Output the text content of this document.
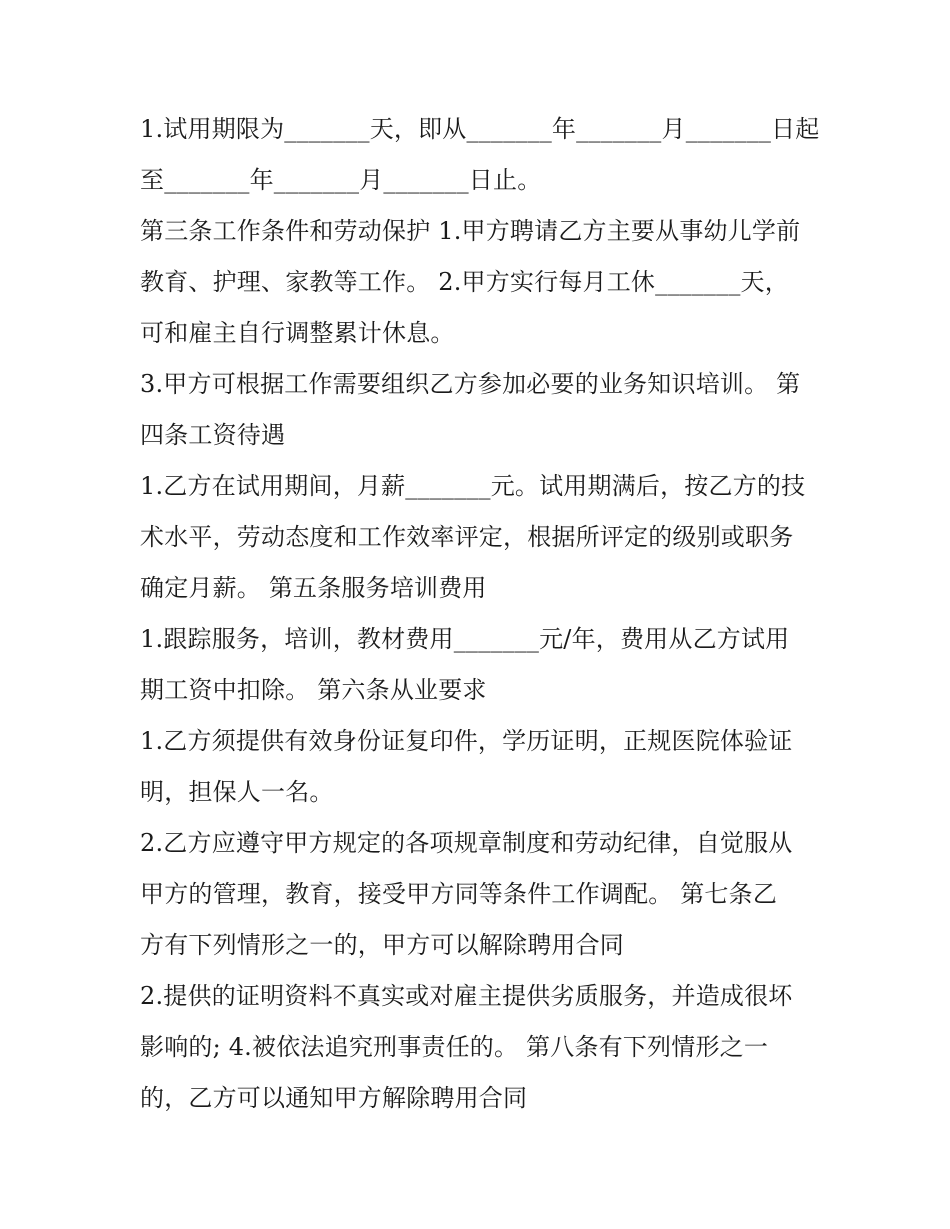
1.试用期限为_______天，即从_______年_______月_______日起
至_______年_______月_______日止。
第三条工作条件和劳动保护 1.甲方聘请乙方主要从事幼儿学前
教育、护理、家教等工作。 2.甲方实行每月工休_______天，
可和雇主自行调整累计休息。
3.甲方可根据工作需要组织乙方参加必要的业务知识培训。 第
四条工资待遇
1.乙方在试用期间，月薪_______元。试用期满后，按乙方的技
术水平，劳动态度和工作效率评定，根据所评定的级别或职务
确定月薪。 第五条服务培训费用
1.跟踪服务，培训，教材费用_______元/年，费用从乙方试用
期工资中扣除。 第六条从业要求
1.乙方须提供有效身份证复印件，学历证明，正规医院体验证
明，担保人一名。
2.乙方应遵守甲方规定的各项规章制度和劳动纪律，自觉服从
甲方的管理，教育，接受甲方同等条件工作调配。 第七条乙
方有下列情形之一的，甲方可以解除聘用合同
2.提供的证明资料不真实或对雇主提供劣质服务，并造成很坏
影响的; 4.被依法追究刑事责任的。 第八条有下列情形之一
的，乙方可以通知甲方解除聘用合同
